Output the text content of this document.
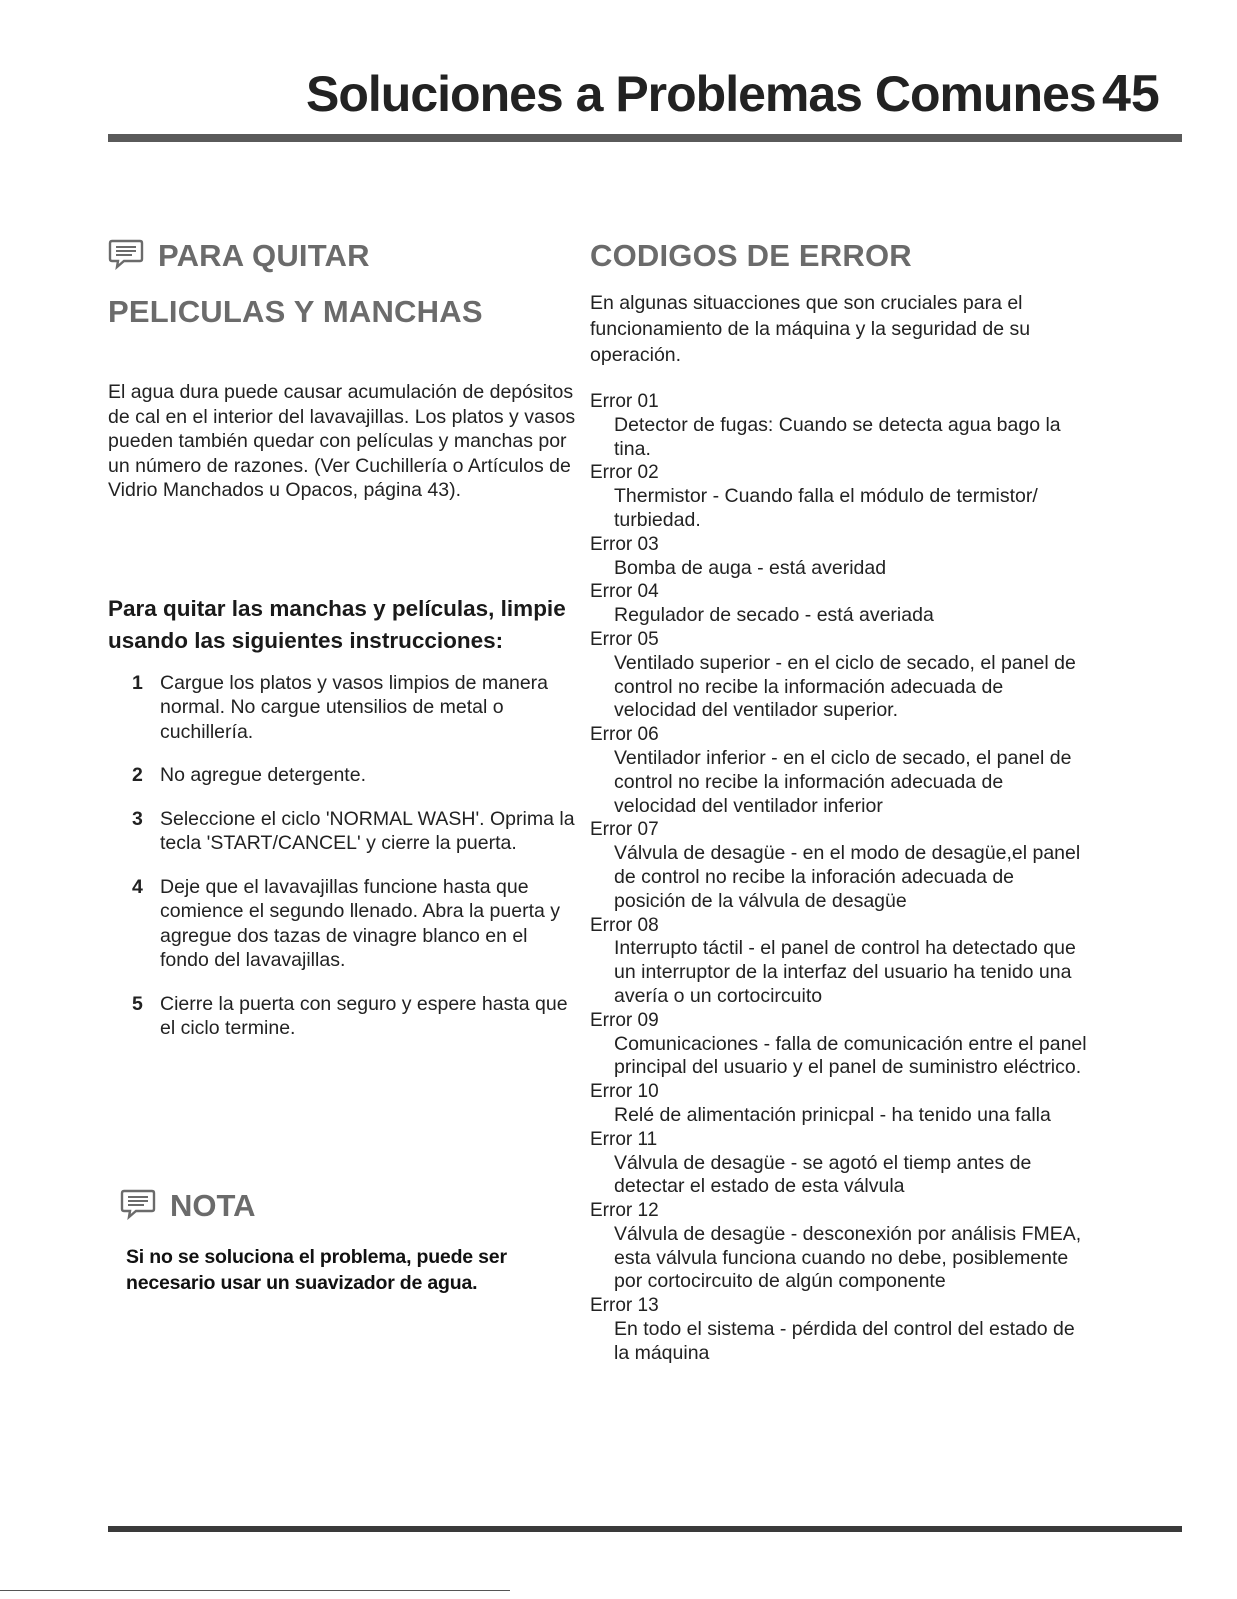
Soluciones a Problemas Comunes 45
PARA QUITAR
PELICULAS Y MANCHAS

El agua dura puede causar acumulación de depósitos de cal en el interior del lavavajillas. Los platos y vasos pueden también quedar con películas y manchas por un número de razones. (Ver Cuchillería o Artículos de Vidrio Manchados u Opacos, página 43).

Para quitar las manchas y películas, limpie usando las siguientes instrucciones:

1 Cargue los platos y vasos limpios de manera normal. No cargue utensilios de metal o cuchillería.
2 No agregue detergente.
3 Seleccione el ciclo 'NORMAL WASH'. Oprima la tecla 'START/CANCEL' y cierre la puerta.
4 Deje que el lavavajillas funcione hasta que comience el segundo llenado. Abra la puerta y agregue dos tazas de vinagre blanco en el fondo del lavavajillas.
5 Cierre la puerta con seguro y espere hasta que el ciclo termine.
NOTA

Si no se soluciona el problema, puede ser necesario usar un suavizador de agua.

CODIGOS DE ERROR

En algunas situacciones que son cruciales para el funcionamiento de la máquina y la seguridad de su operación.

Error 01
Detector de fugas: Cuando se detecta agua bago la tina.
Error 02
Thermistor - Cuando falla el módulo de termistor/ turbiedad.
Error 03
Bomba de auga - está averidad
Error 04
Regulador de secado - está averiada
Error 05
Ventilado superior - en el ciclo de secado, el panel de control no recibe la información adecuada de velocidad del ventilador superior.
Error 06
Ventilador inferior - en el ciclo de secado, el panel de control no recibe la información adecuada de velocidad del ventilador inferior
Error 07
Válvula de desagüe - en el modo de desagüe,el panel de control no recibe la inforación adecuada de posición de la válvula de desagüe
Error 08
Interrupto táctil - el panel de control ha detectado que un interruptor de la interfaz del usuario ha tenido una avería o un cortocircuito
Error 09
Comunicaciones - falla de comunicación entre el panel principal del usuario y el panel de suministro eléctrico.
Error 10
Relé de alimentación prinicpal - ha tenido una falla
Error 11
Válvula de desagüe - se agotó el tiemp antes de detectar el estado de esta válvula
Error 12
Válvula de desagüe - desconexión por análisis FMEA, esta válvula funciona cuando no debe, posiblemente por cortocircuito de algún componente
Error 13
En todo el sistema - pérdida del control del estado de la máquina
